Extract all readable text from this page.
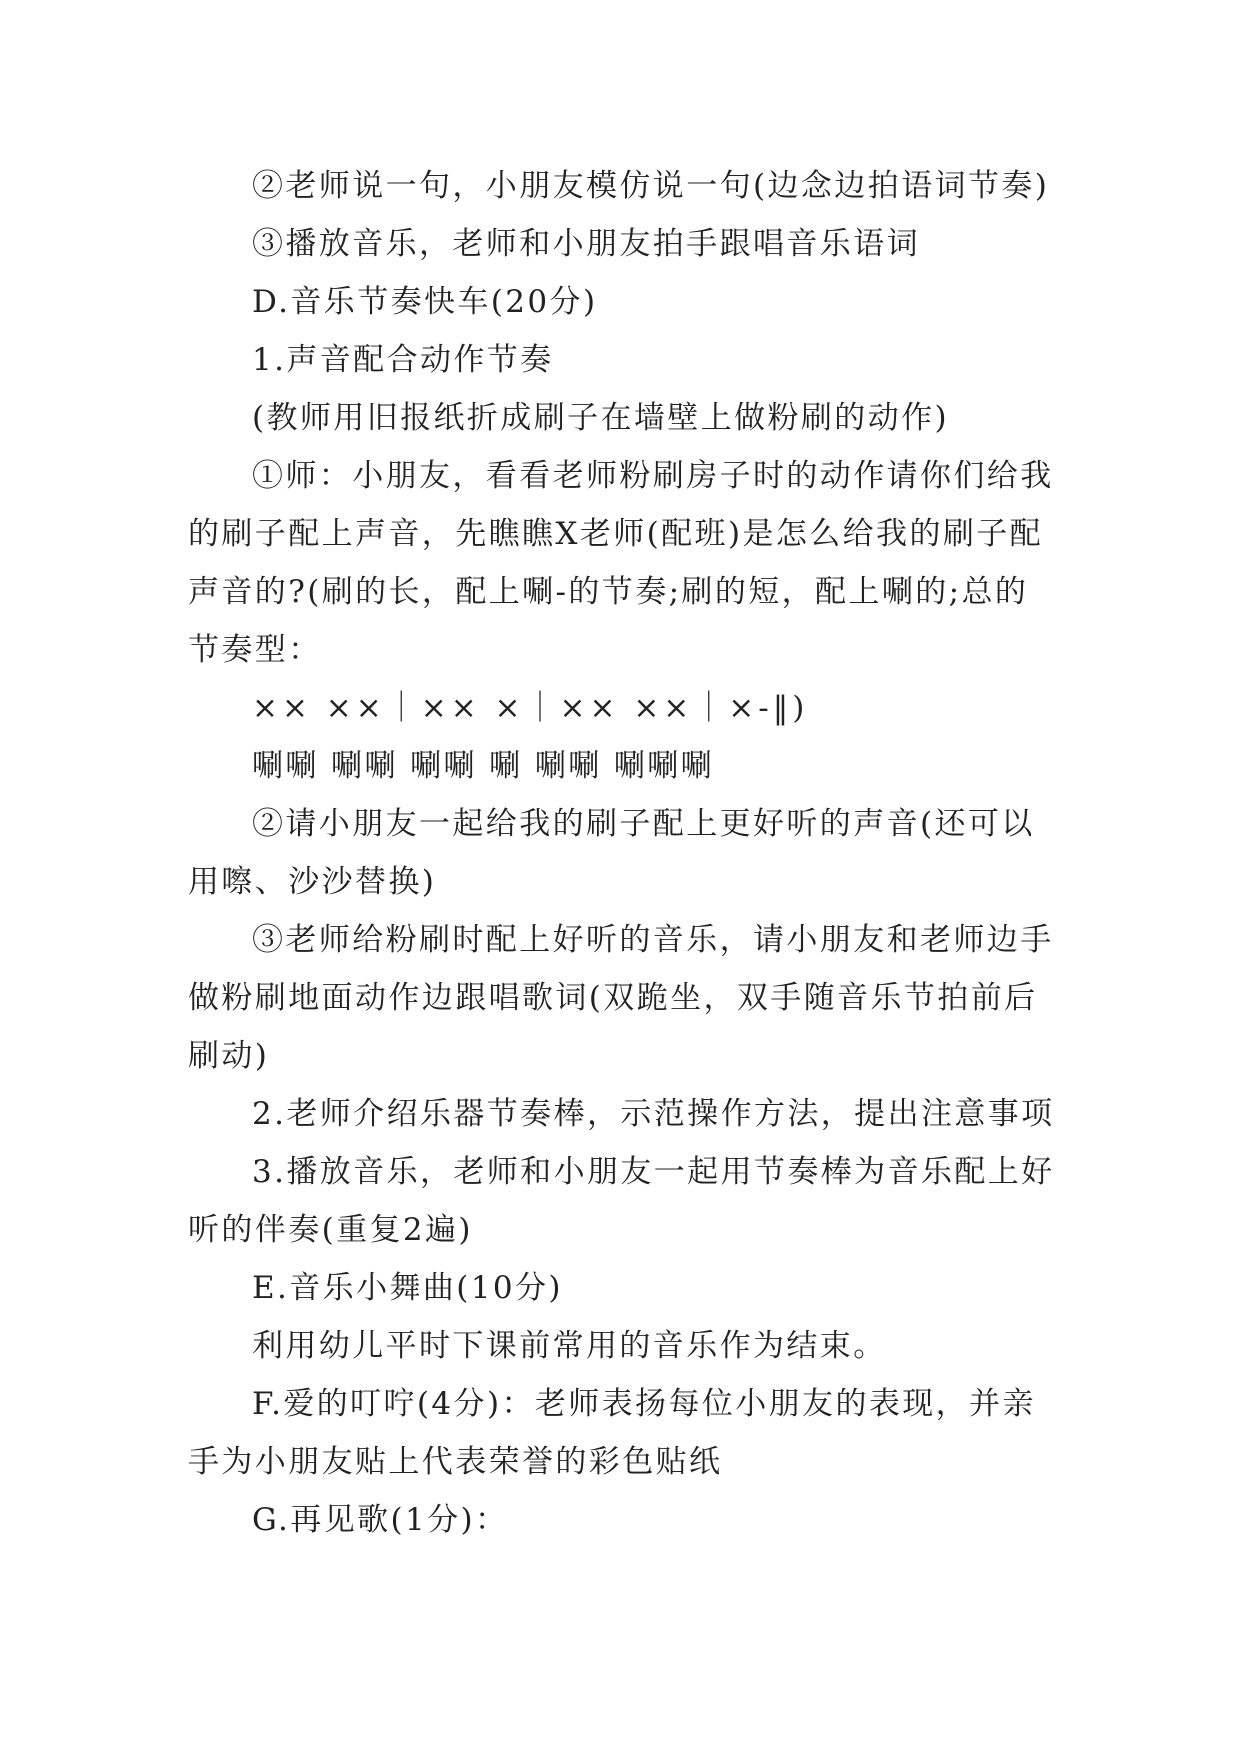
②老师说一句，小朋友模仿说一句(边念边拍语词节奏)

③播放音乐，老师和小朋友拍手跟唱音乐语词

D.音乐节奏快车(20分)

1.声音配合动作节奏

(教师用旧报纸折成刷子在墙壁上做粉刷的动作)

①师：小朋友，看看老师粉刷房子时的动作请你们给我

的刷子配上声音，先瞧瞧X老师(配班)是怎么给我的刷子配

声音的?(刷的长，配上唰-的节奏;刷的短，配上唰的;总的

节奏型：

×× ××｜×× ×｜×× ××｜×-‖)

唰唰 唰唰 唰唰 唰 唰唰 唰唰唰

②请小朋友一起给我的刷子配上更好听的声音(还可以

用嚓、沙沙替换)

③老师给粉刷时配上好听的音乐，请小朋友和老师边手

做粉刷地面动作边跟唱歌词(双跪坐，双手随音乐节拍前后

刷动)

2.老师介绍乐器节奏棒，示范操作方法，提出注意事项

3.播放音乐，老师和小朋友一起用节奏棒为音乐配上好

听的伴奏(重复2遍)

E.音乐小舞曲(10分)

利用幼儿平时下课前常用的音乐作为结束。

F.爱的叮咛(4分)：老师表扬每位小朋友的表现，并亲

手为小朋友贴上代表荣誉的彩色贴纸

G.再见歌(1分)：
